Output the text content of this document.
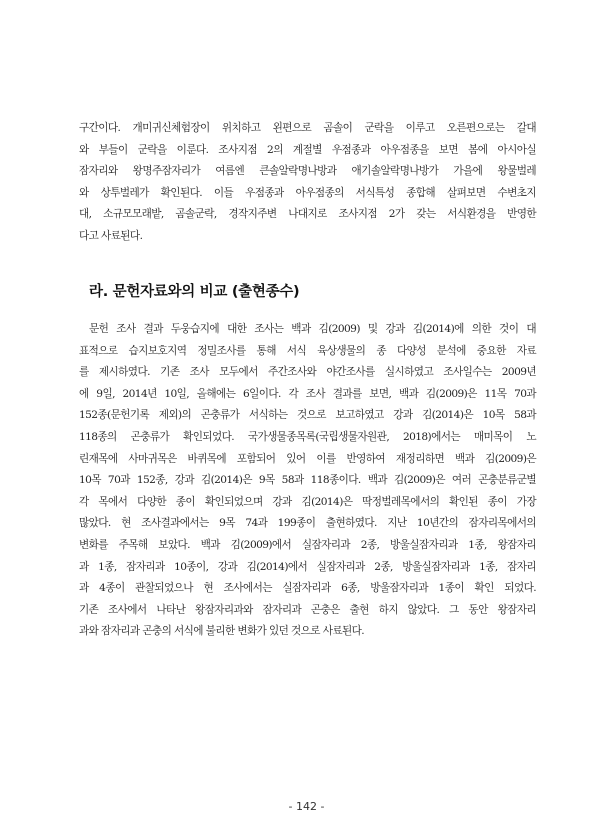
구간이다. 개미귀신체험장이 위치하고 왼편으로 곰솔이 군락을 이루고 오른편으로는 갈대
와 부들이 군락을 이룬다. 조사지점 2의 계절별 우점종과 아우점종을 보면 봄에 아시아실
잠자리와 왕명주잠자리가 여름엔 큰솔알락명나방과 애기솔알락명나방가 가을에 왕물벌레
와 상투벌레가 확인된다. 이들 우점종과 아우점종의 서식특성 종합해 살펴보면 수변초지
대, 소규모모래밭, 곰솔군락, 경작지주변 나대지로 조사지점 2가 갖는 서식환경을 반영한
다고 사료된다.
라. 문헌자료와의 비교 (출현종수)
문헌 조사 결과 두웅습지에 대한 조사는 백과 김(2009) 및 강과 김(2014)에 의한 것이 대
표적으로 습지보호지역 정밀조사를 통해 서식 육상생물의 종 다양성 분석에 중요한 자료
를 제시하였다. 기존 조사 모두에서 주간조사와 야간조사를 실시하였고 조사일수는 2009년
에 9일, 2014년 10일, 올해에는 6일이다. 각 조사 결과를 보면, 백과 김(2009)은 11목 70과
152종(문헌기록 제외)의 곤충류가 서식하는 것으로 보고하였고 강과 김(2014)은 10목 58과
118종의 곤충류가 확인되었다. 국가생물종목록(국립생물자원관, 2018)에서는 매미목이 노
린재목에 사마귀목은 바퀴목에 포함되어 있어 이를 반영하여 재정리하면 백과 김(2009)은
10목 70과 152종, 강과 김(2014)은 9목 58과 118종이다. 백과 김(2009)은 여러 곤충분류군별
각 목에서 다양한 종이 확인되었으며 강과 김(2014)은 딱정벌레목에서의 확인된 종이 가장
많았다. 현 조사결과에서는 9목 74과 199종이 출현하였다. 지난 10년간의 잠자리목에서의
변화를 주목해 보았다. 백과 김(2009)에서 실잠자리과 2종, 방울실잠자리과 1종, 왕잠자리
과 1종, 잠자리과 10종이, 강과 김(2014)에서 실잠자리과 2종, 방울실잠자리과 1종, 잠자리
과 4종이 관찰되었으나 현 조사에서는 실잠자리과 6종, 방울잠자리과 1종이 확인 되었다.
기존 조사에서 나타난 왕잠자리과와 잠자리과 곤충은 출현 하지 않았다. 그 동안 왕잠자리
과와 잠자리과 곤충의 서식에 불리한 변화가 있던 것으로 사료된다.

- 142 -
